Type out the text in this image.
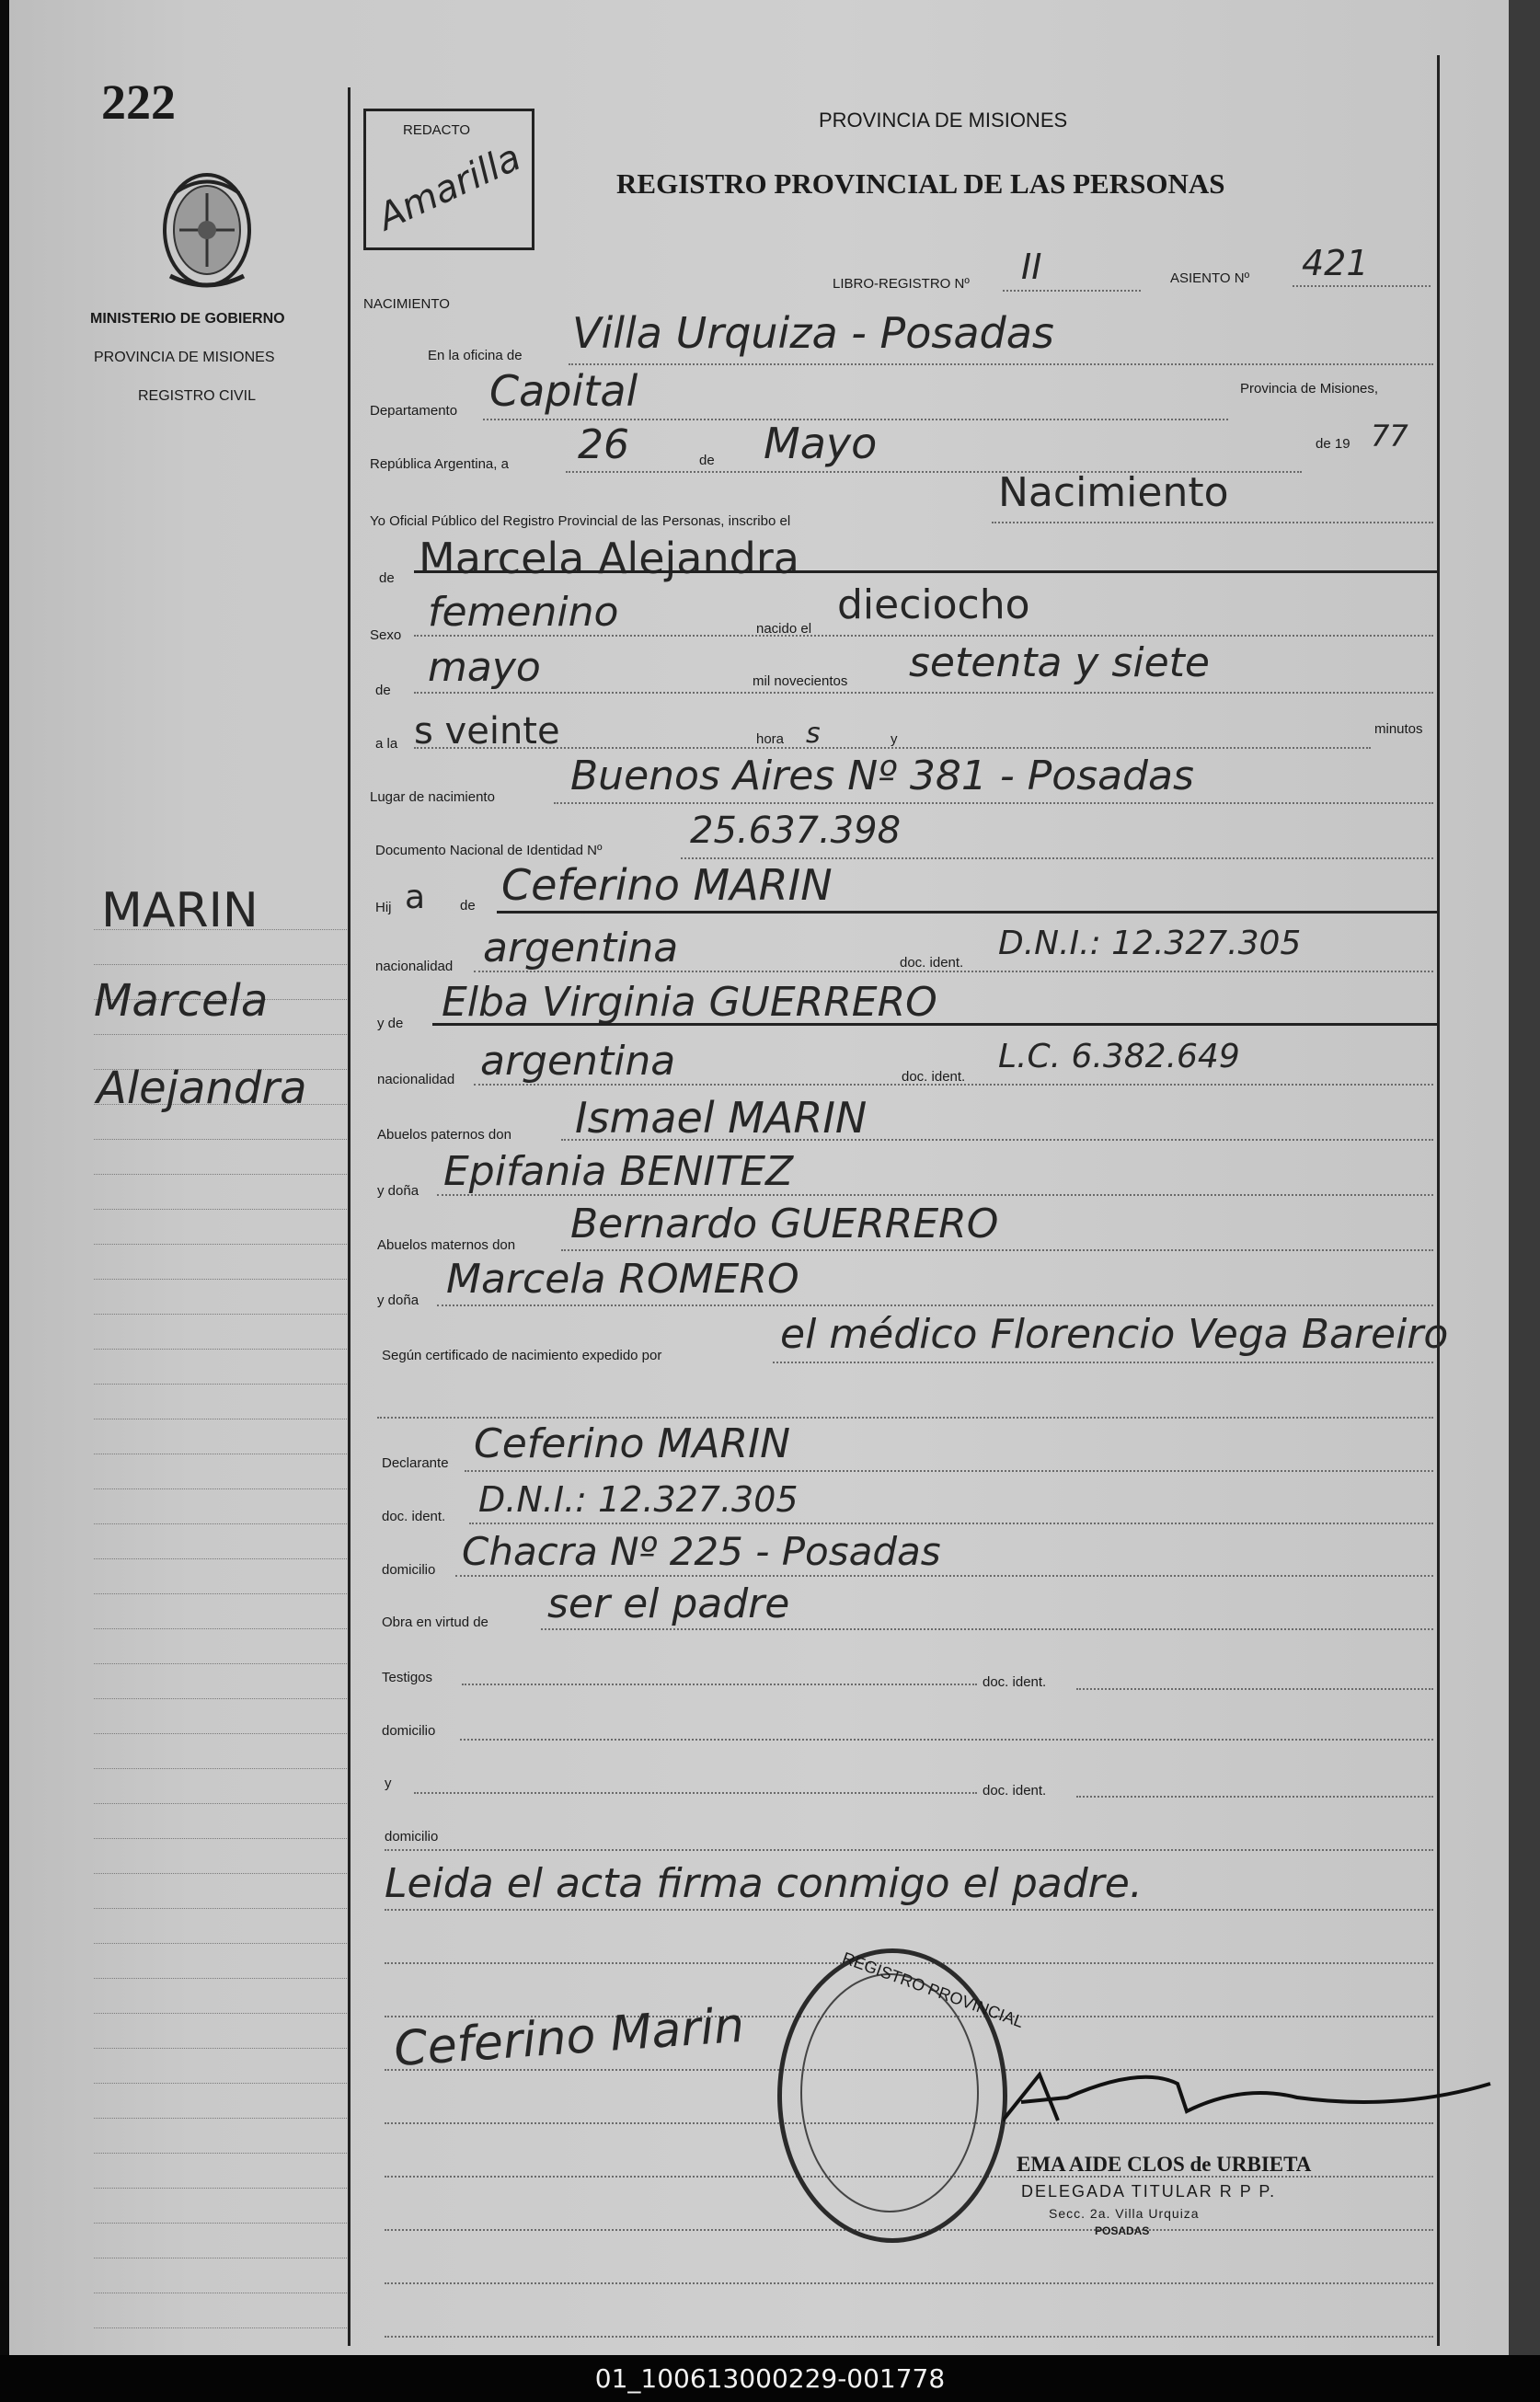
222
MINISTERIO DE GOBIERNO
PROVINCIA DE MISIONES
REGISTRO CIVIL
REDACTO
Amarilla
PROVINCIA DE MISIONES
REGISTRO PROVINCIAL DE LAS PERSONAS
NACIMIENTO
MARIN
Marcela
Alejandra
LIBRO-REGISTRO Nº II	ASIENTO Nº 421
En la oficina de Villa Urquiza - Posadas
Departamento Capital	Provincia de Misiones,
República Argentina, a 26	de Mayo	de 19 77
Yo Oficial Público del Registro Provincial de las Personas, inscribo el
Nacimiento
de Marcela Alejandra
Sexo femenino	nacido el
dieciocho
de mayo	mil novecientos setenta y siete
a la s veinte	hora s	y
minutos
Lugar de nacimiento Buenos Aires Nº 381 - Posadas
Documento Nacional de Identidad Nº 25.637.398
Hij a	de Ceferino MARIN
nacionalidad argentina	doc. ident.
D.N.I.: 12.327.305
y de Elba Virginia GUERRERO
nacionalidad argentina	doc. ident.
L.C. 6.382.649
Abuelos paternos don Ismael MARIN
y doña Epifania BENITEZ
Abuelos maternos don Bernardo GUERRERO
y doña Marcela ROMERO
Según certificado de nacimiento expedido por	el médico Florencio Vega Bareiro
Declarante Ceferino MARIN
doc. ident. D.N.I.: 12.327.305
domicilio Chacra Nº 225 - Posadas
Obra en virtud de ser el padre
Testigos	doc. ident.
domicilio
y	doc. ident.
domicilio
Leida el acta firma conmigo el padre.
Ceferino Marin
REGISTRO PROVINCIAL
EMA AIDE CLOS de URBIETA
DELEGADA TITULAR R P P.
Secc. 2a. Villa Urquiza
POSADAS
01_100613000229-001778
